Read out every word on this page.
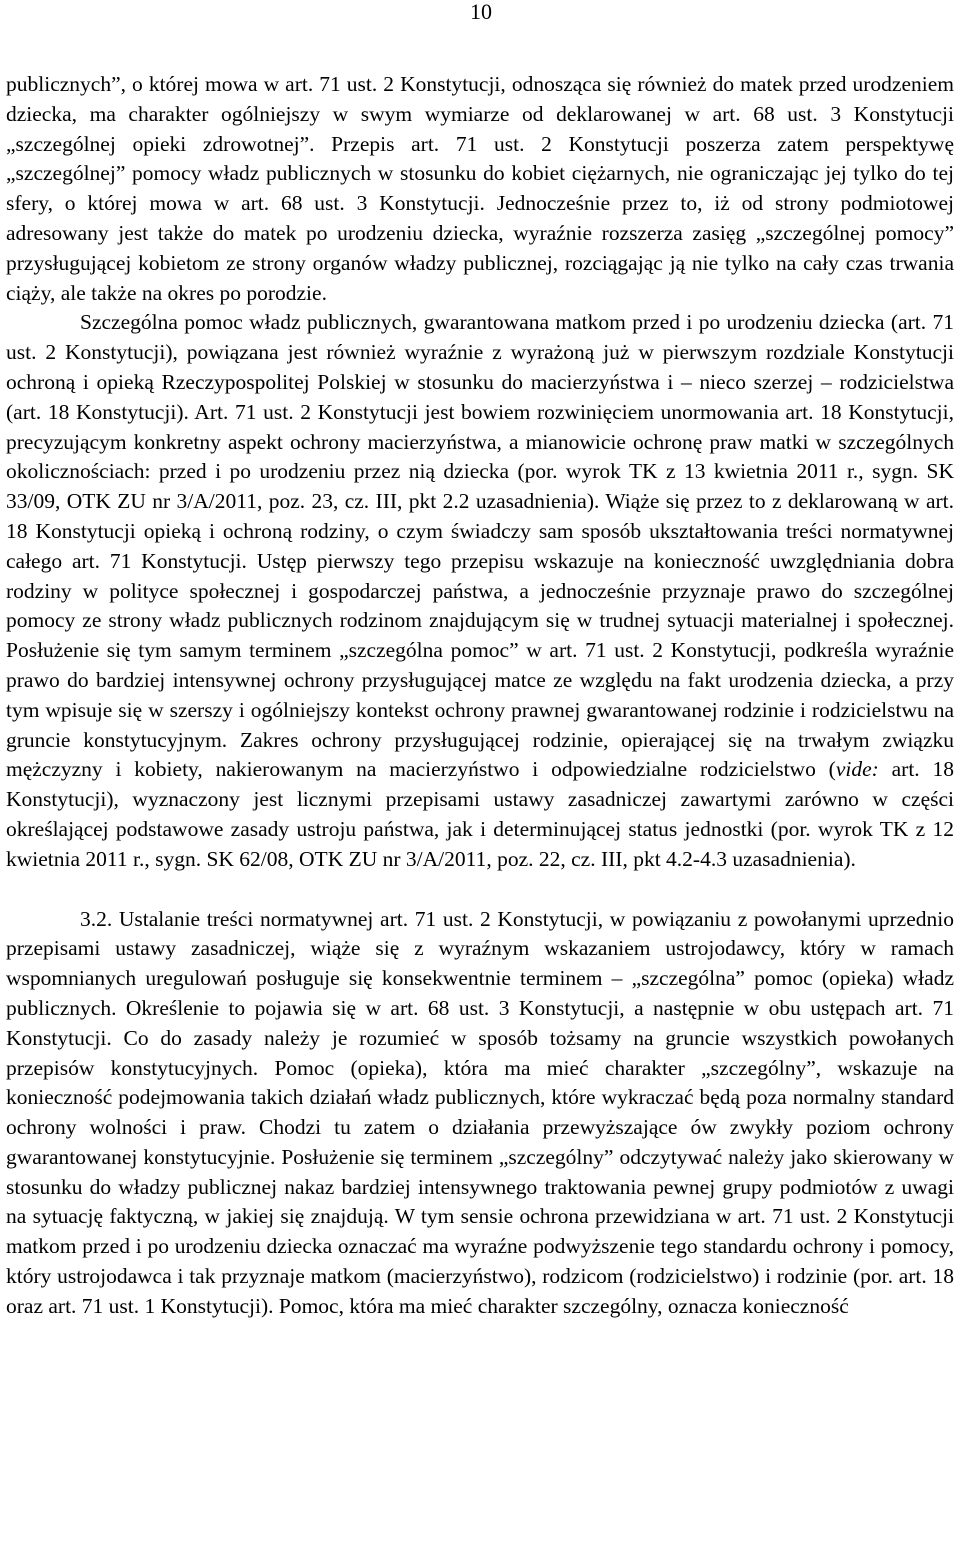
10

publicznych”, o której mowa w art. 71 ust. 2 Konstytucji, odnosząca się również do matek przed urodzeniem dziecka, ma charakter ogólniejszy w swym wymiarze od deklarowanej w art. 68 ust. 3 Konstytucji „szczególnej opieki zdrowotnej”. Przepis art. 71 ust. 2 Konstytucji poszerza zatem perspektywę „szczególnej” pomocy władz publicznych w stosunku do kobiet ciężarnych, nie ograniczając jej tylko do tej sfery, o której mowa w art. 68 ust. 3 Konstytucji. Jednocześnie przez to, iż od strony podmiotowej adresowany jest także do matek po urodzeniu dziecka, wyraźnie rozszerza zasięg „szczególnej pomocy” przysługującej kobietom ze strony organów władzy publicznej, rozciągając ją nie tylko na cały czas trwania ciąży, ale także na okres po porodzie.

Szczególna pomoc władz publicznych, gwarantowana matkom przed i po urodzeniu dziecka (art. 71 ust. 2 Konstytucji), powiązana jest również wyraźnie z wyrażoną już w pierwszym rozdziale Konstytucji ochroną i opieką Rzeczypospolitej Polskiej w stosunku do macierzyństwa i – nieco szerzej – rodzicielstwa (art. 18 Konstytucji). Art. 71 ust. 2 Konstytucji jest bowiem rozwinięciem unormowania art. 18 Konstytucji, precyzującym konkretny aspekt ochrony macierzyństwa, a mianowicie ochronę praw matki w szczególnych okolicznościach: przed i po urodzeniu przez nią dziecka (por. wyrok TK z 13 kwietnia 2011 r., sygn. SK 33/09, OTK ZU nr 3/A/2011, poz. 23, cz. III, pkt 2.2 uzasadnienia). Wiąże się przez to z deklarowaną w art. 18 Konstytucji opieką i ochroną rodziny, o czym świadczy sam sposób ukształtowania treści normatywnej całego art. 71 Konstytucji. Ustęp pierwszy tego przepisu wskazuje na konieczność uwzględniania dobra rodziny w polityce społecznej i gospodarczej państwa, a jednocześnie przyznaje prawo do szczególnej pomocy ze strony władz publicznych rodzinom znajdującym się w trudnej sytuacji materialnej i społecznej. Posłużenie się tym samym terminem „szczególna pomoc” w art. 71 ust. 2 Konstytucji, podkreśla wyraźnie prawo do bardziej intensywnej ochrony przysługującej matce ze względu na fakt urodzenia dziecka, a przy tym wpisuje się w szerszy i ogólniejszy kontekst ochrony prawnej gwarantowanej rodzinie i rodzicielstwu na gruncie konstytucyjnym. Zakres ochrony przysługującej rodzinie, opierającej się na trwałym związku mężczyzny i kobiety, nakierowanym na macierzyństwo i odpowiedzialne rodzicielstwo (vide: art. 18 Konstytucji), wyznaczony jest licznymi przepisami ustawy zasadniczej zawartymi zarówno w części określającej podstawowe zasady ustroju państwa, jak i determinującej status jednostki (por. wyrok TK z 12 kwietnia 2011 r., sygn. SK 62/08, OTK ZU nr 3/A/2011, poz. 22, cz. III, pkt 4.2-4.3 uzasadnienia).

3.2. Ustalanie treści normatywnej art. 71 ust. 2 Konstytucji, w powiązaniu z powołanymi uprzednio przepisami ustawy zasadniczej, wiąże się z wyraźnym wskazaniem ustrojodawcy, który w ramach wspomnianych uregulowań posługuje się konsekwentnie terminem – „szczególna” pomoc (opieka) władz publicznych. Określenie to pojawia się w art. 68 ust. 3 Konstytucji, a następnie w obu ustępach art. 71 Konstytucji. Co do zasady należy je rozumieć w sposób tożsamy na gruncie wszystkich powołanych przepisów konstytucyjnych. Pomoc (opieka), która ma mieć charakter „szczególny”, wskazuje na konieczność podejmowania takich działań władz publicznych, które wykraczać będą poza normalny standard ochrony wolności i praw. Chodzi tu zatem o działania przewyższające ów zwykły poziom ochrony gwarantowanej konstytucyjnie. Posłużenie się terminem „szczególny” odczytywać należy jako skierowany w stosunku do władzy publicznej nakaz bardziej intensywnego traktowania pewnej grupy podmiotów z uwagi na sytuację faktyczną, w jakiej się znajdują. W tym sensie ochrona przewidziana w art. 71 ust. 2 Konstytucji matkom przed i po urodzeniu dziecka oznaczać ma wyraźne podwyższenie tego standardu ochrony i pomocy, który ustrojodawca i tak przyznaje matkom (macierzyństwo), rodzicom (rodzicielstwo) i rodzinie (por. art. 18 oraz art. 71 ust. 1 Konstytucji). Pomoc, która ma mieć charakter szczególny, oznacza konieczność
